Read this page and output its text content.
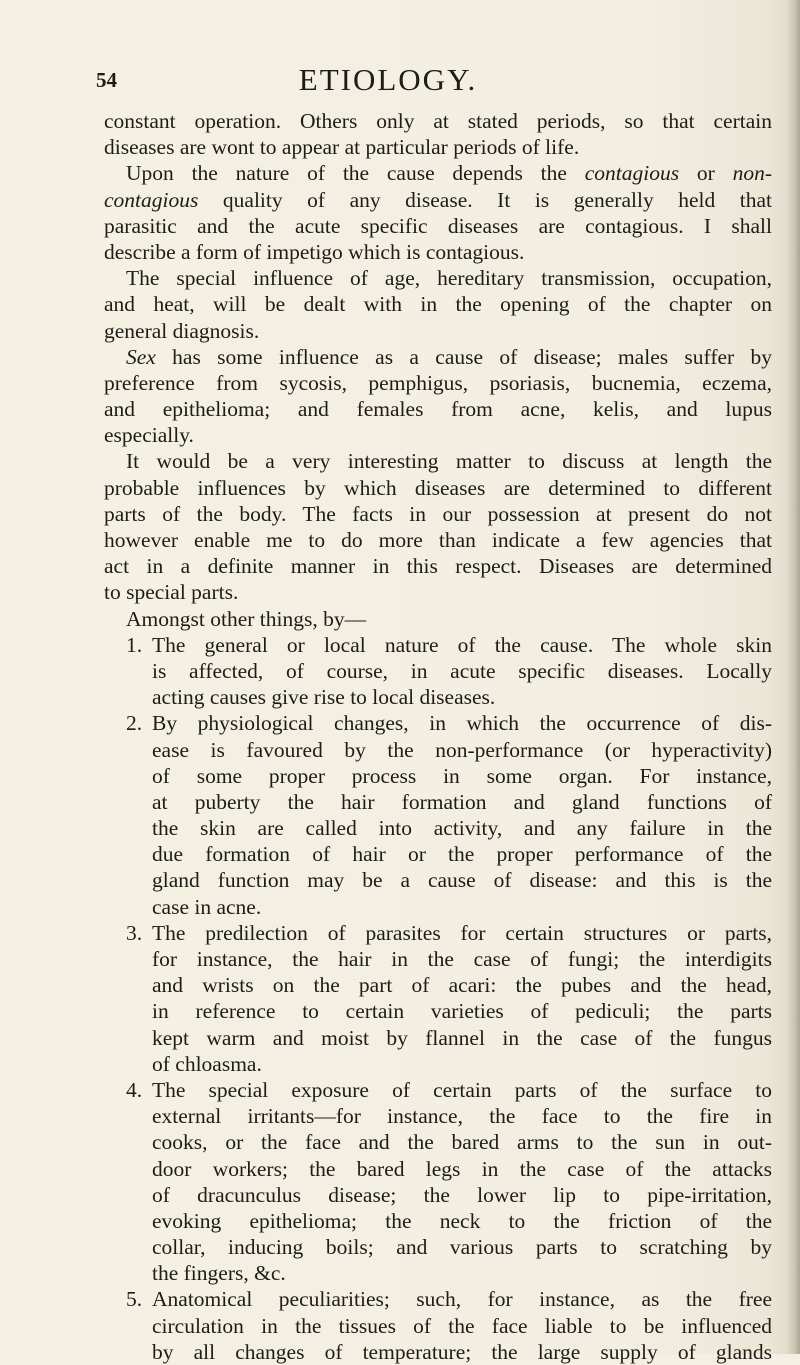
54	ETIOLOGY.
constant operation. Others only at stated periods, so that certain
diseases are wont to appear at particular periods of life.
Upon the nature of the cause depends the contagious or non-
contagious quality of any disease. It is generally held that
parasitic and the acute specific diseases are contagious. I shall
describe a form of impetigo which is contagious.
The special influence of age, hereditary transmission, occupation,
and heat, will be dealt with in the opening of the chapter on
general diagnosis.
Sex has some influence as a cause of disease; males suffer by
preference from sycosis, pemphigus, psoriasis, bucnemia, eczema,
and epithelioma; and females from acne, kelis, and lupus
especially.
It would be a very interesting matter to discuss at length the
probable influences by which diseases are determined to different
parts of the body. The facts in our possession at present do not
however enable me to do more than indicate a few agencies that
act in a definite manner in this respect. Diseases are determined
to special parts.
Amongst other things, by—
1. The general or local nature of the cause. The whole skin
is affected, of course, in acute specific diseases. Locally
acting causes give rise to local diseases.
2. By physiological changes, in which the occurrence of dis-
ease is favoured by the non-performance (or hyperactivity)
of some proper process in some organ. For instance,
at puberty the hair formation and gland functions of
the skin are called into activity, and any failure in the
due formation of hair or the proper performance of the
gland function may be a cause of disease: and this is the
case in acne.
3. The predilection of parasites for certain structures or parts,
for instance, the hair in the case of fungi; the interdigits
and wrists on the part of acari: the pubes and the head,
in reference to certain varieties of pediculi; the parts
kept warm and moist by flannel in the case of the fungus
of chloasma.
4. The special exposure of certain parts of the surface to
external irritants—for instance, the face to the fire in
cooks, or the face and the bared arms to the sun in out-
door workers; the bared legs in the case of the attacks
of dracunculus disease; the lower lip to pipe-irritation,
evoking epithelioma; the neck to the friction of the
collar, inducing boils; and various parts to scratching by
the fingers, &c.
5. Anatomical peculiarities; such, for instance, as the free
circulation in the tissues of the face liable to be influenced
by all changes of temperature; the large supply of glands
